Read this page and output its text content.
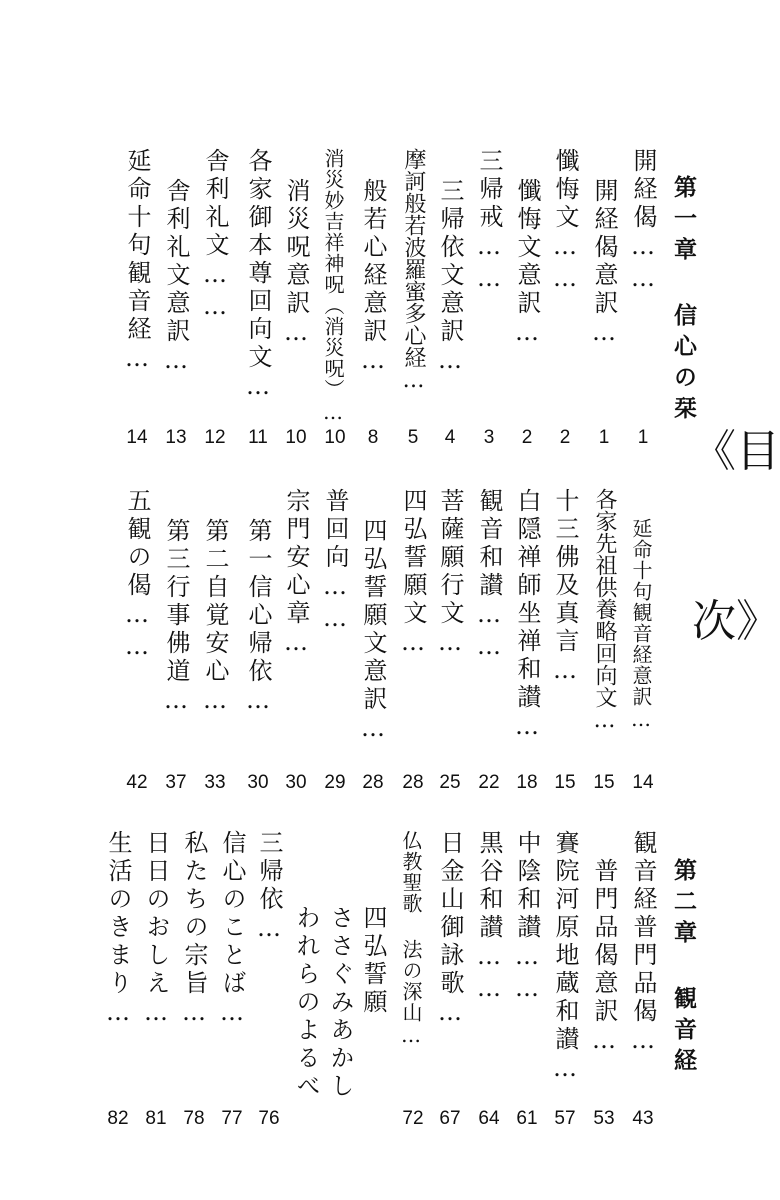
《目
次》
第一章 信心の栞
開経偈……
1
開経偈意訳…
1
懺悔文……
2
懺悔文意訳…
2
三帰戒……
3
三帰依文意訳…
4
摩訶般若波羅蜜多心経…
5
般若心経意訳…
8
消災妙吉祥神呪（消災呪）…
10
消災呪意訳…
10
各家御本尊回向文…
11
舎利礼文……
12
舎利礼文意訳…
13
延命十句観音経…
14
延命十句観音経意訳…
14
各家先祖供養略回向文…
15
十三佛及真言…
15
白隠禅師坐禅和讃…
18
観音和讃……
22
菩薩願行文…
25
四弘誓願文…
28
四弘誓願文意訳…
28
普回向……
29
宗門安心章…
30
第一信心帰依…
30
第二自覚安心…
33
第三行事佛道…
37
五観の偈……
42
第二章 観音経
観音経普門品偈…
43
普門品偈意訳…
53
賽院河原地蔵和讃…
57
中陰和讃……
61
黒谷和讃……
64
日金山御詠歌…
67
仏教聖歌 法の深山…
72
四弘誓願
ささぐみあかし
われらのよるべ
三帰依…
76
信心のことば…
77
私たちの宗旨…
78
日日のおしえ…
81
生活のきまり…
82
